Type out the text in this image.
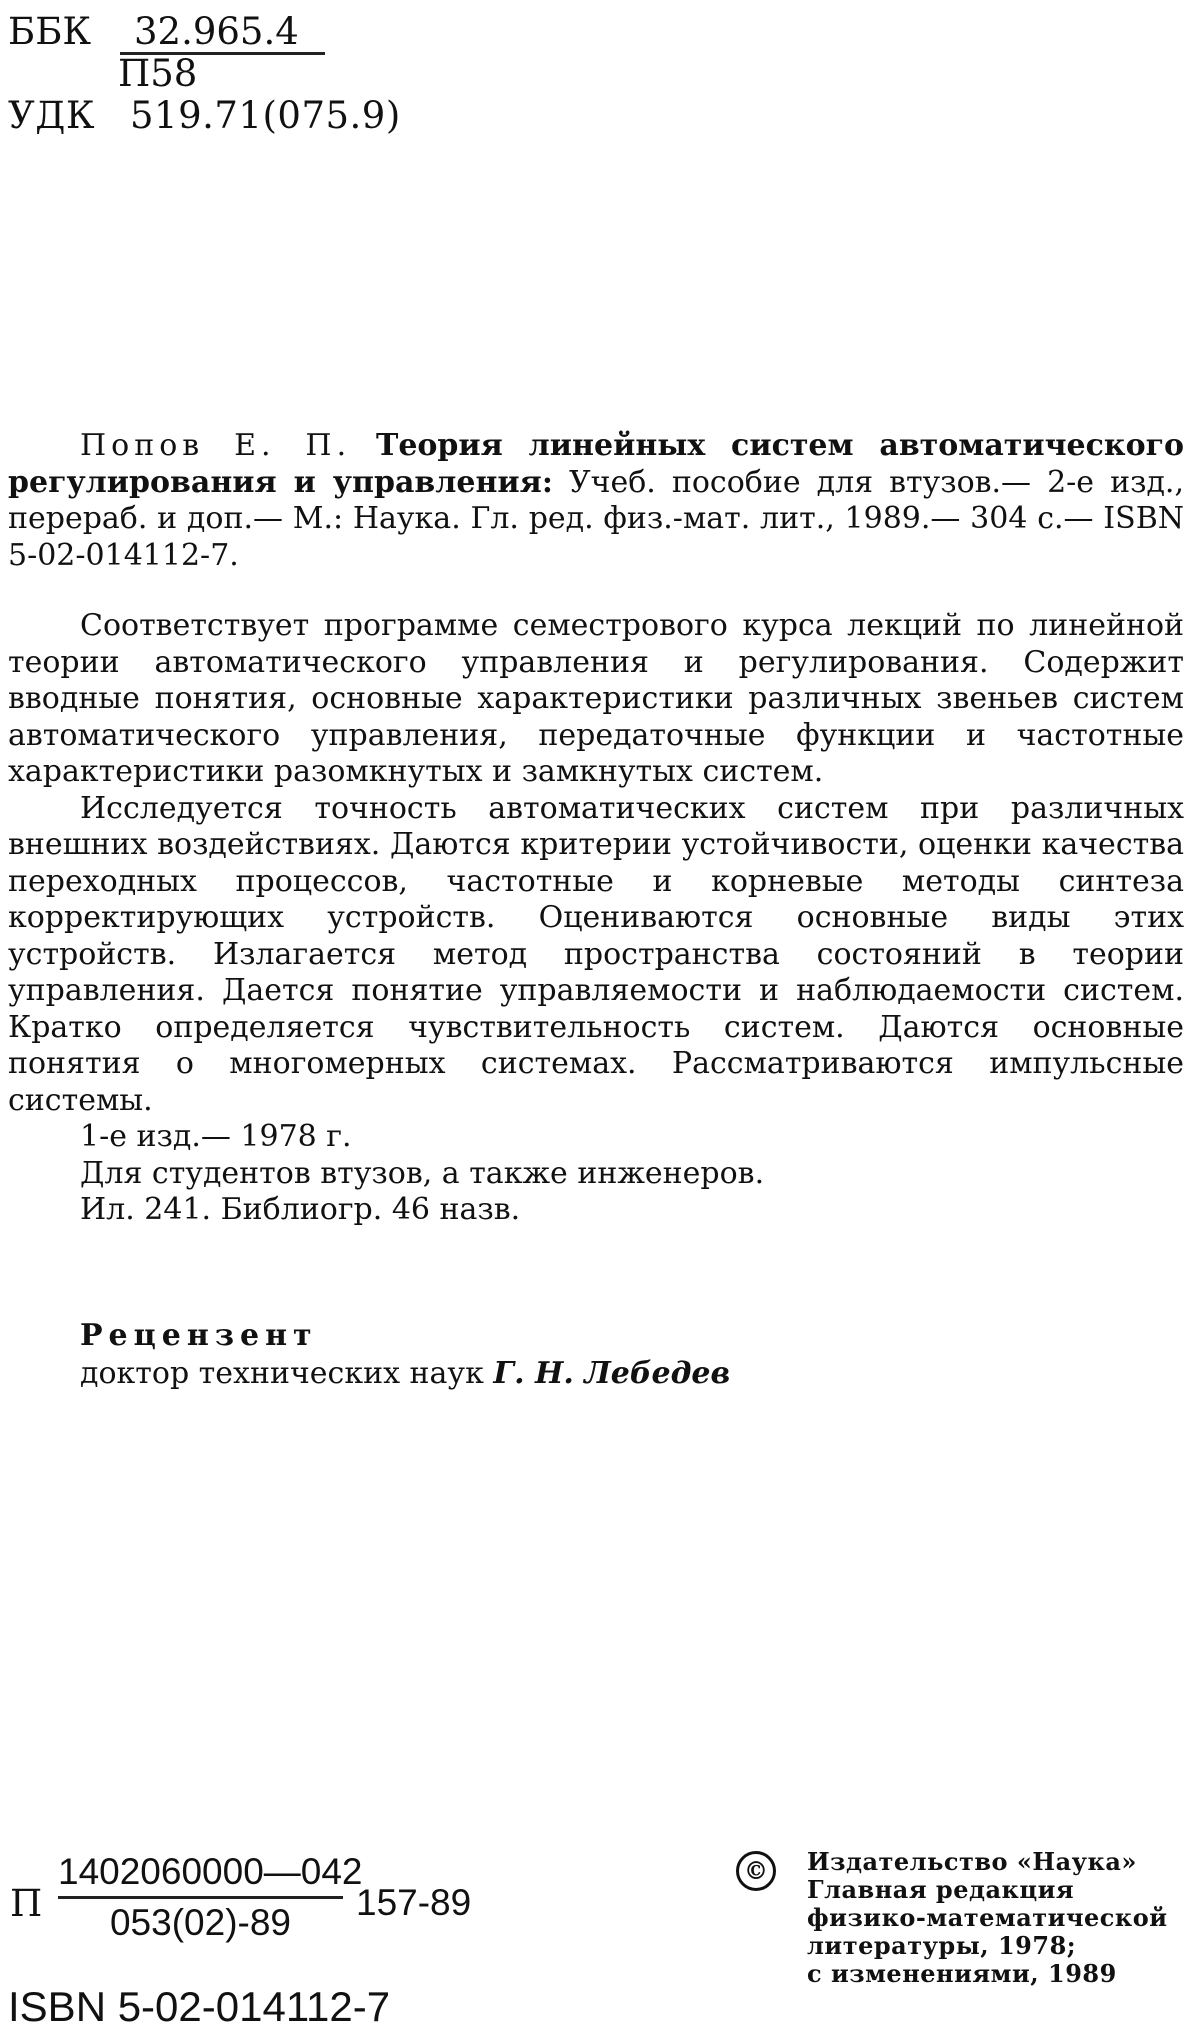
ББК 32.965.4
П58
УДК 519.71(075.9)

Попов Е. П. Теория линейных систем автоматического регулирования и управления: Учеб. пособие для втузов.— 2-е изд., перераб. и доп.— М.: Наука. Гл. ред. физ.-мат. лит., 1989.— 304 с.— ISBN 5-02-014112-7.

Соответствует программе семестрового курса лекций по линейной теории автоматического управления и регулирования. Содержит вводные понятия, основные характеристики различных звеньев систем автоматического управления, передаточные функции и частотные характеристики разомкнутых и замкнутых систем.

Исследуется точность автоматических систем при различных внешних воздействиях. Даются критерии устойчивости, оценки качества переходных процессов, частотные и корневые методы синтеза корректирующих устройств. Оцениваются основные виды этих устройств. Излагается метод пространства состояний в теории управления. Дается понятие управляемости и наблюдаемости систем. Кратко определяется чувствительность систем. Даются основные понятия о многомерных системах. Рассматриваются импульсные системы.

1-е изд.— 1978 г.

Для студентов втузов, а также инженеров.

Ил. 241. Библиогр. 46 назв.

Рецензент
доктор технических наук Г. Н. Лебедев
П $\frac{1402060000—042}{053(02)-89} 157-89$
© Издательство «Наука»
Главная редакция
физико-математической
литературы, 1978;
с изменениями, 1989
ISBN 5-02-014112-7
